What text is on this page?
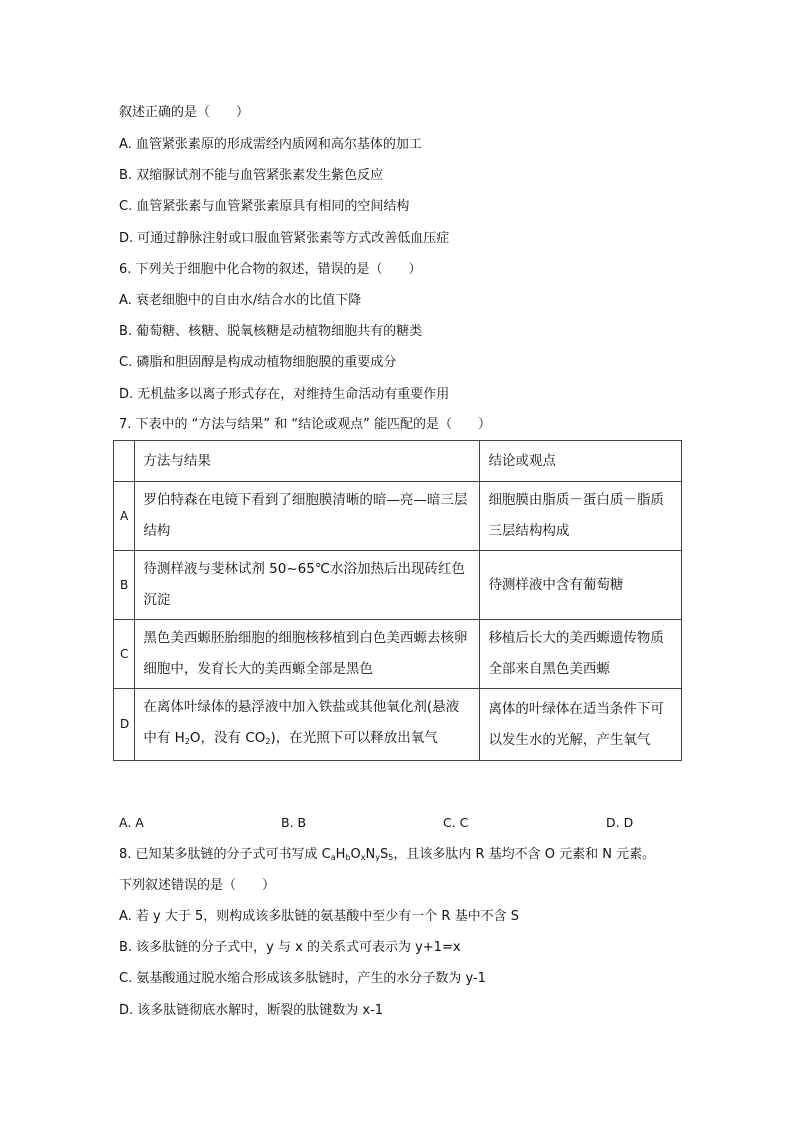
叙述正确的是（　　）
A. 血管紧张素原的形成需经内质网和高尔基体的加工
B. 双缩脲试剂不能与血管紧张素发生紫色反应
C. 血管紧张素与血管紧张素原具有相同的空间结构
D. 可通过静脉注射或口服血管紧张素等方式改善低血压症
6. 下列关于细胞中化合物的叙述，错误的是（　　）
A. 衰老细胞中的自由水/结合水的比值下降
B. 葡萄糖、核糖、脱氧核糖是动植物细胞共有的糖类
C. 磷脂和胆固醇是构成动植物细胞膜的重要成分
D. 无机盐多以离子形式存在，对维持生命活动有重要作用
7. 下表中的 “方法与结果” 和 “结论或观点” 能匹配的是（　　）
	方法与结果	结论或观点
A	罗伯特森在电镜下看到了细胞膜清晰的暗—亮—暗三层结构	细胞膜由脂质－蛋白质－脂质三层结构构成
B	待测样液与斐林试剂 50~65℃水浴加热后出现砖红色沉淀	待测样液中含有葡萄糖
C	黑色美西螈胚胎细胞的细胞核移植到白色美西螈去核卵细胞中，发育长大的美西螈全部是黑色	移植后长大的美西螈遗传物质全部来自黑色美西螈
D	在离体叶绿体的悬浮液中加入铁盐或其他氧化剂(悬液中有 $H_2O$，没有 $CO_2$)，在光照下可以释放出氧气	离体的叶绿体在适当条件下可以发生水的光解，产生氧气
A. A	B. B	C. C	D. D
8. 已知某多肽链的分子式可书写成 $C_aH_bO_xN_yS_5$，且该多肽内 R 基均不含 O 元素和 N 元素。
下列叙述错误的是（　　）
A. 若 y 大于 5，则构成该多肽链的氨基酸中至少有一个 R 基中不含 S
B. 该多肽链的分子式中，y 与 x 的关系式可表示为 y+1=x
C. 氨基酸通过脱水缩合形成该多肽链时，产生的水分子数为 y-1
D. 该多肽链彻底水解时，断裂的肽键数为 x-1
